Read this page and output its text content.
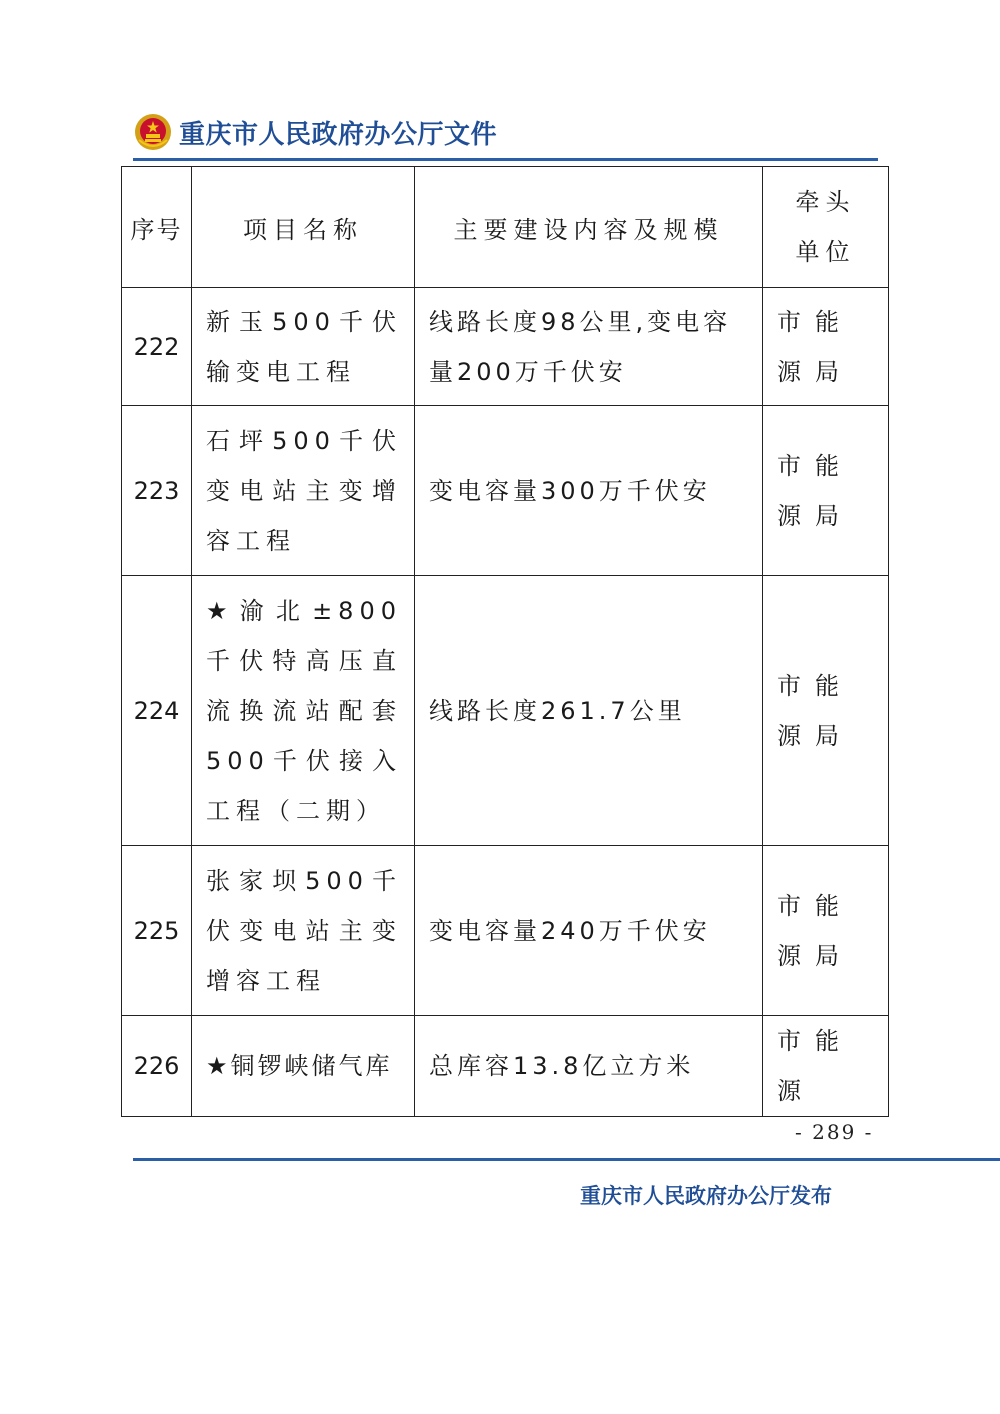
重庆市人民政府办公厅文件
序号	项目名称	主要建设内容及规模	牵头单位

222	新玉500千伏输变电工程	线路长度98公里,变电容量200万千伏安	市能源局
223	石坪500千伏变电站主变增容工程	变电容量300万千伏安	市能源局
224	★渝北±800千伏特高压直流换流站配套500千伏接入工程（二期）	线路长度261.7公里	市能源局
225	张家坝500千伏变电站主变增容工程	变电容量240万千伏安	市能源局
226	★铜锣峡储气库	总库容13.8亿立方米	市能源
- 289 -
重庆市人民政府办公厅发布
